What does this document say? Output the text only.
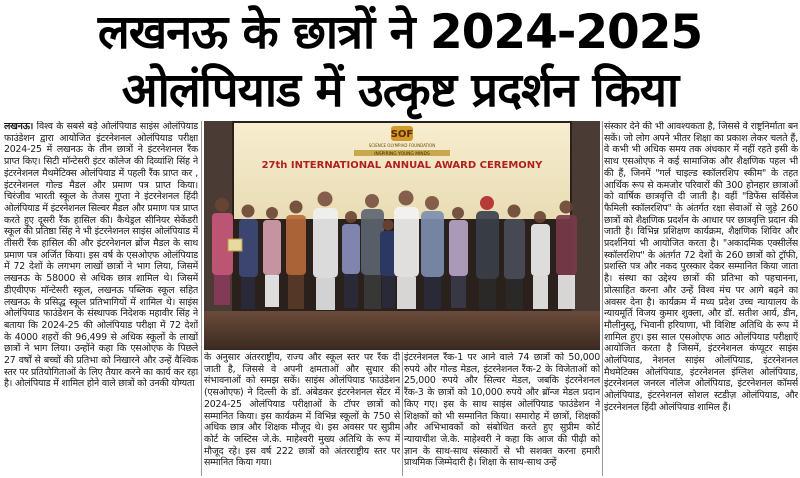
लखनऊ के छात्रों ने 2024-2025
ओलंपियाड में उत्कृष्ट प्रदर्शन किया
लखनऊ। विश्व के सबसे बड़े ओलंपियाड साइंस ओलंपियाड फाउंडेशन द्वारा आयोजित इंटरनेशनल ओलंपियाड परीक्षा 2024-25 में लखनऊ के तीन छात्रों ने इंटरनेशनल रैंक प्राप्त किए। सिटी मॉन्टेसरी इंटर कॉलेज की दिव्यांशि सिंह ने इंटरनेशनल मैथमेटिक्स ओलंपियाड में पहली रैंक प्राप्त कर , इंटरनेशनल गोल्ड मैडल और प्रमाण पत्र प्राप्त किया। चिरंजीव भारती स्कूल के तेजस गुप्ता ने इंटरनेशनल हिंदी ओलंपियाड में इंटरनेशनल सिल्वर मैडल और प्रमाण पत्र प्राप्त करते हुए दूसरी रैंक हासिल की। कैथेड्रल सीनियर सेकेंडरी स्कूल की प्रतिष्ठा सिंह ने भी इंटरनेशनल साइंस ओलंपियाड में तीसरी रैंक हासिल की और इंटरनेशनल ब्रोंज मैडल के साथ प्रमाण पत्र अर्जित किया। इस वर्ष के एसओएफ ओलंपियाड में 72 देशों के लगभग लाखों छात्रों ने भाग लिया, जिसमें लखनऊ के 58000 से अधिक छात्र शामिल थे। जिसमें डीएवीएफ मॉन्टेसरी स्कूल, लखनऊ पब्लिक स्कूल सहित लखनऊ के प्रसिद्ध स्कूल प्रतिभागियों में शामिल थे। साइंस ओलंपियाड फाउंडेशन के संस्थापक निदेशक महावीर सिंह ने बताया कि 2024-25 की ओलंपियाड परीक्षा में 72 देशों के 4000 शहरों की 96,499 से अधिक स्कूलों के लाखों छात्रों ने भाग लिया। उन्होंने कहा कि एसओएफ के पिछले 27 वर्षों से बच्चों की प्रतिभा को निखारने और उन्हें वैश्विक स्तर पर प्रतियोगिताओं के लिए तैयार करने का कार्य कर रहा है। ओलंपियाड में शामिल होने वाले छात्रों को उनकी योग्यता
SOF
SCIENCE OLYMPIAD FOUNDATION
INSPIRING YOUNG MINDS
27th INTERNATIONAL ANNUAL AWARD CEREMONY
के अनुसार अंतरराष्ट्रीय, राज्य और स्कूल स्तर पर रैंक दी जाती है, जिससे वे अपनी क्षमताओं और सुधार की संभावनाओं को समझ सकें। साइंस ओलंपियाड फाउंडेशन (एसओएफ) ने दिल्ली के डॉ. अंबेडकर इंटरनेशनल सेंटर में 2024-25 ओलंपियाड परीक्षाओं के टॉपर छात्रों को सम्मानित किया। इस कार्यक्रम में विभिन्न स्कूलों के 750 से अधिक छात्र और शिक्षक मौजूद थे। इस अवसर पर सुप्रीम कोर्ट के जस्टिस जे.के. माहेश्वरी मुख्य अतिथि के रूप में मौजूद रहे। इस वर्ष 222 छात्रों को अंतरराष्ट्रीय स्तर पर सम्मानित किया गया।
इंटरनेशनल रैंक-1 पर आने वाले 74 छात्रों को 50,000 रुपये और गोल्ड मेडल, इंटरनेशनल रैंक-2 के विजेताओं को 25,000 रुपये और सिल्वर मेडल, जबकि इंटरनेशनल रैंक-3 के छात्रों को 10,000 रुपये और ब्रॉन्ज मेडल प्रदान किए गए। इस के साथ साइंस ओलंपियाड फाउंडेशन ने शिक्षकों को भी सम्मानित किया। समारोह में छात्रों, शिक्षकों और अभिभावकों को संबोधित करते हुए सुप्रीम कोर्ट न्यायाधीश जे.के. माहेश्वरी ने कहा कि आज की पीढ़ी को ज्ञान के साथ-साथ संस्कारों से भी सशक्त करना हमारी प्राथमिक जिम्मेदारी है। शिक्षा के साथ-साथ उन्हें
संस्कार देने की भी आवश्यकता है, जिससे वे राष्ट्रनिर्माता बन सकें। जो लोग अपने भीतर शिक्षा का प्रकाश लेकर चलते हैं, वे कभी भी अधिक समय तक अंधकार में नहीं रहते इसी के साथ एसओएफ ने कई सामाजिक और शैक्षणिक पहल भी की हैं, जिनमें "गर्ल चाइल्ड स्कॉलरशिप स्कीम" के तहत आर्थिक रूप से कमजोर परिवारों की 300 होनहार छात्राओं को वार्षिक छात्रवृत्ति दी जाती है। वहीं "डिफेंस सर्विसेज फैमिली स्कॉलरशिप" के अंतर्गत रक्षा सेवाओं से जुड़े 260 छात्रों को शैक्षणिक प्रदर्शन के आधार पर छात्रवृत्ति प्रदान की जाती है। विभिन्न प्रशिक्षण कार्यक्रम, शैक्षणिक शिविर और प्रदर्शनियां भी आयोजित करता है। "अकादमिक एक्सीलेंस स्कॉलरशिप" के अंतर्गत 72 देशों के 260 छात्रों को ट्रॉफी, प्रशस्ति पत्र और नकद पुरस्कार देकर सम्मानित किया जाता है। संस्था का उद्देश्य छात्रों की प्रतिभा को पहचानना, प्रोत्साहित करना और उन्हें विश्व मंच पर आगे बढ़ने का अवसर देना है। कार्यक्रम में मध्य प्रदेश उच्च न्यायालय के न्यायमूर्ति विजय कुमार शुक्ला, और डॉ. सतीश आर्य, डीन, मौलीनुस्तू, भिवानी हरियाणा, भी विशिष्ट अतिथि के रूप में शामिल हुए। इस साल एसओएफ आठ ओलंपियाड परीक्षाएँ आयोजित करता है जिसमें, इंटरनेशनल कंप्यूटर साइंस ओलंपियाड, नेशनल साइंस ओलंपियाड, इंटरनेशनल मैथमेटिक्स ओलंपियाड, इंटरनेशनल इंग्लिश ओलंपियाड, इंटरनेशनल जनरल नॉलेज ओलंपियाड, इंटरनेशनल कॉमर्स ओलंपियाड, इंटरनेशनल सोशल स्टडीज़ ओलंपियाड, और इंटरनेशनल हिंदी ओलंपियाड शामिल हैं।
